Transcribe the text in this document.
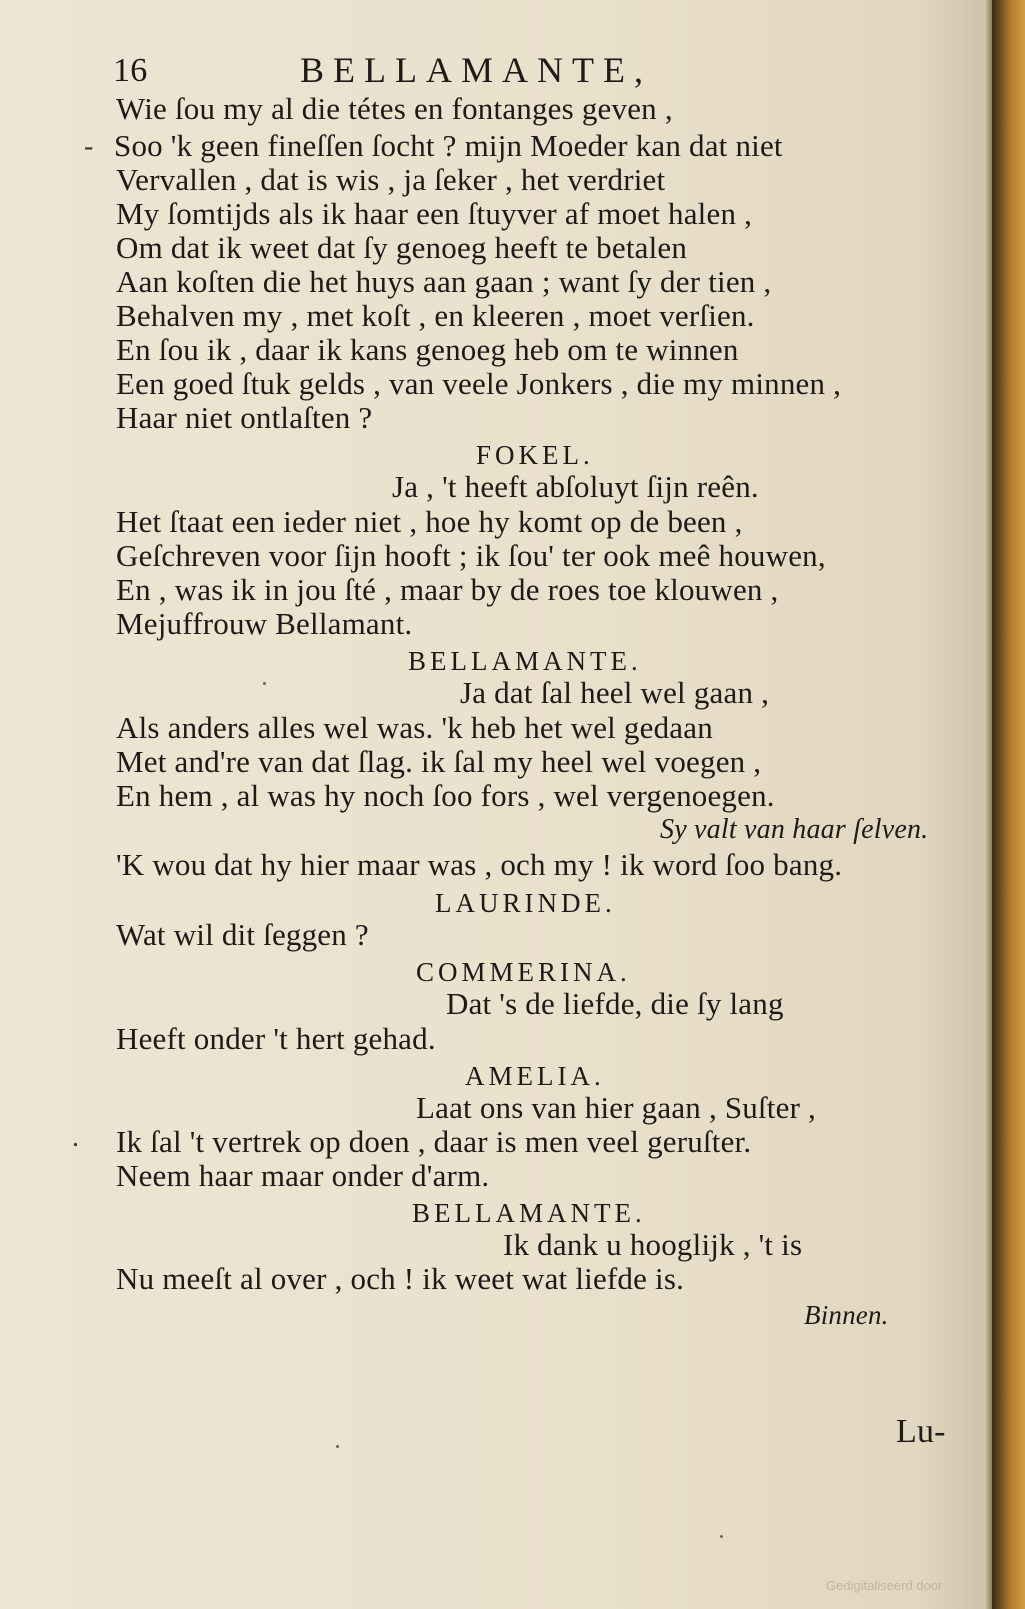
16	BELLAMANTE,
-
.
Wie ſou my al die tétes en fontanges geven ,
Soo 'k geen fineſſen ſocht ? mijn Moeder kan dat niet
Vervallen , dat is wis , ja ſeker , het verdriet
My ſomtijds als ik haar een ſtuyver af moet halen ,
Om dat ik weet dat ſy genoeg heeft te betalen
Aan koſten die het huys aan gaan ; want ſy der tien ,
Behalven my , met koſt , en kleeren , moet verſien.
En ſou ik , daar ik kans genoeg heb om te winnen
Een goed ſtuk gelds , van veele Jonkers , die my minnen ,
Haar niet ontlaſten ?
FOKEL.
Ja , 't heeft abſoluyt ſijn reên.
Het ſtaat een ieder niet , hoe hy komt op de been ,
Geſchreven voor ſijn hooft ; ik ſou' ter ook meê houwen,
En , was ik in jou ſté , maar by de roes toe klouwen ,
Mejuffrouw Bellamant.
BELLAMANTE.
Ja dat ſal heel wel gaan ,
Als anders alles wel was. 'k heb het wel gedaan
Met and're van dat ſlag. ik ſal my heel wel voegen ,
En hem , al was hy noch ſoo fors , wel vergenoegen.
Sy valt van haar ſelven.
'K wou dat hy hier maar was , och my ! ik word ſoo bang.
LAURINDE.
Wat wil dit ſeggen ?
COMMERINA.
Dat 's de liefde, die ſy lang
Heeft onder 't hert gehad.
AMELIA.
Laat ons van hier gaan , Suſter ,
Ik ſal 't vertrek op doen , daar is men veel geruſter.
Neem haar maar onder d'arm.
BELLAMANTE.
Ik dank u hooglijk , 't is
Nu meeſt al over , och ! ik weet wat liefde is.
Binnen.
Lu-
Gedigitaliseerd door
